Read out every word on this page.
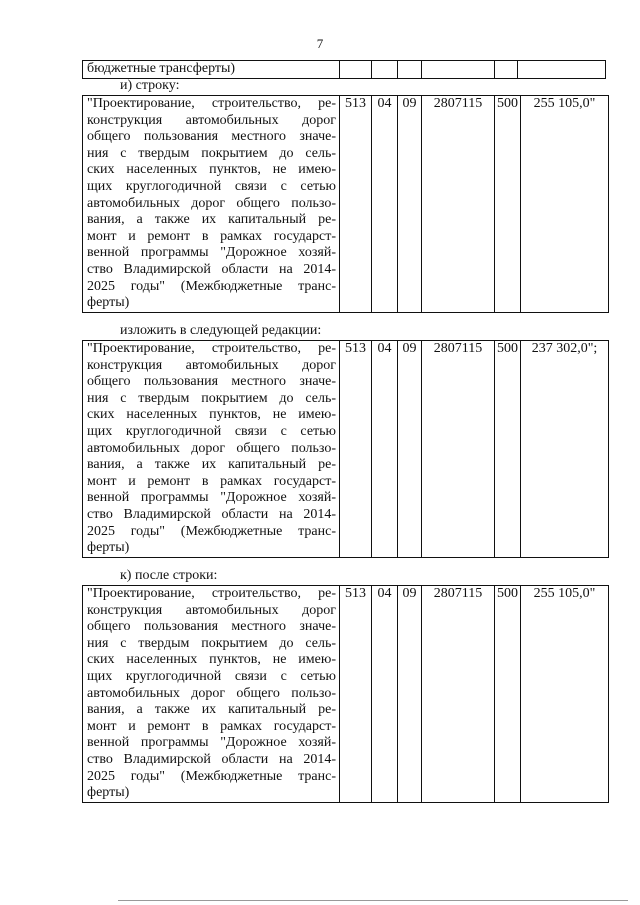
7
бюджетные трансферты)

и) строку:
"Проектирование, строительство, ре-
конструкция автомобильных дорог
общего пользования местного значе-
ния с твердым покрытием до сель-
ских населенных пунктов, не имею-
щих круглогодичной связи с сетью
автомобильных дорог общего пользо-
вания, а также их капитальный ре-
монт и ремонт в рамках государст-
венной программы "Дорожное хозяй-
ство Владимирской области на 2014-
2025 годы" (Межбюджетные транс-
ферты)
	513	04	09	2807115	500	255 105,0"
изложить в следующей редакции:
"Проектирование, строительство, ре-
конструкция автомобильных дорог
общего пользования местного значе-
ния с твердым покрытием до сель-
ских населенных пунктов, не имею-
щих круглогодичной связи с сетью
автомобильных дорог общего пользо-
вания, а также их капитальный ре-
монт и ремонт в рамках государст-
венной программы "Дорожное хозяй-
ство Владимирской области на 2014-
2025 годы" (Межбюджетные транс-
ферты)
	513	04	09	2807115	500	237 302,0";
к) после строки:
"Проектирование, строительство, ре-
конструкция автомобильных дорог
общего пользования местного значе-
ния с твердым покрытием до сель-
ских населенных пунктов, не имею-
щих круглогодичной связи с сетью
автомобильных дорог общего пользо-
вания, а также их капитальный ре-
монт и ремонт в рамках государст-
венной программы "Дорожное хозяй-
ство Владимирской области на 2014-
2025 годы" (Межбюджетные транс-
ферты)
	513	04	09	2807115	500	255 105,0"
